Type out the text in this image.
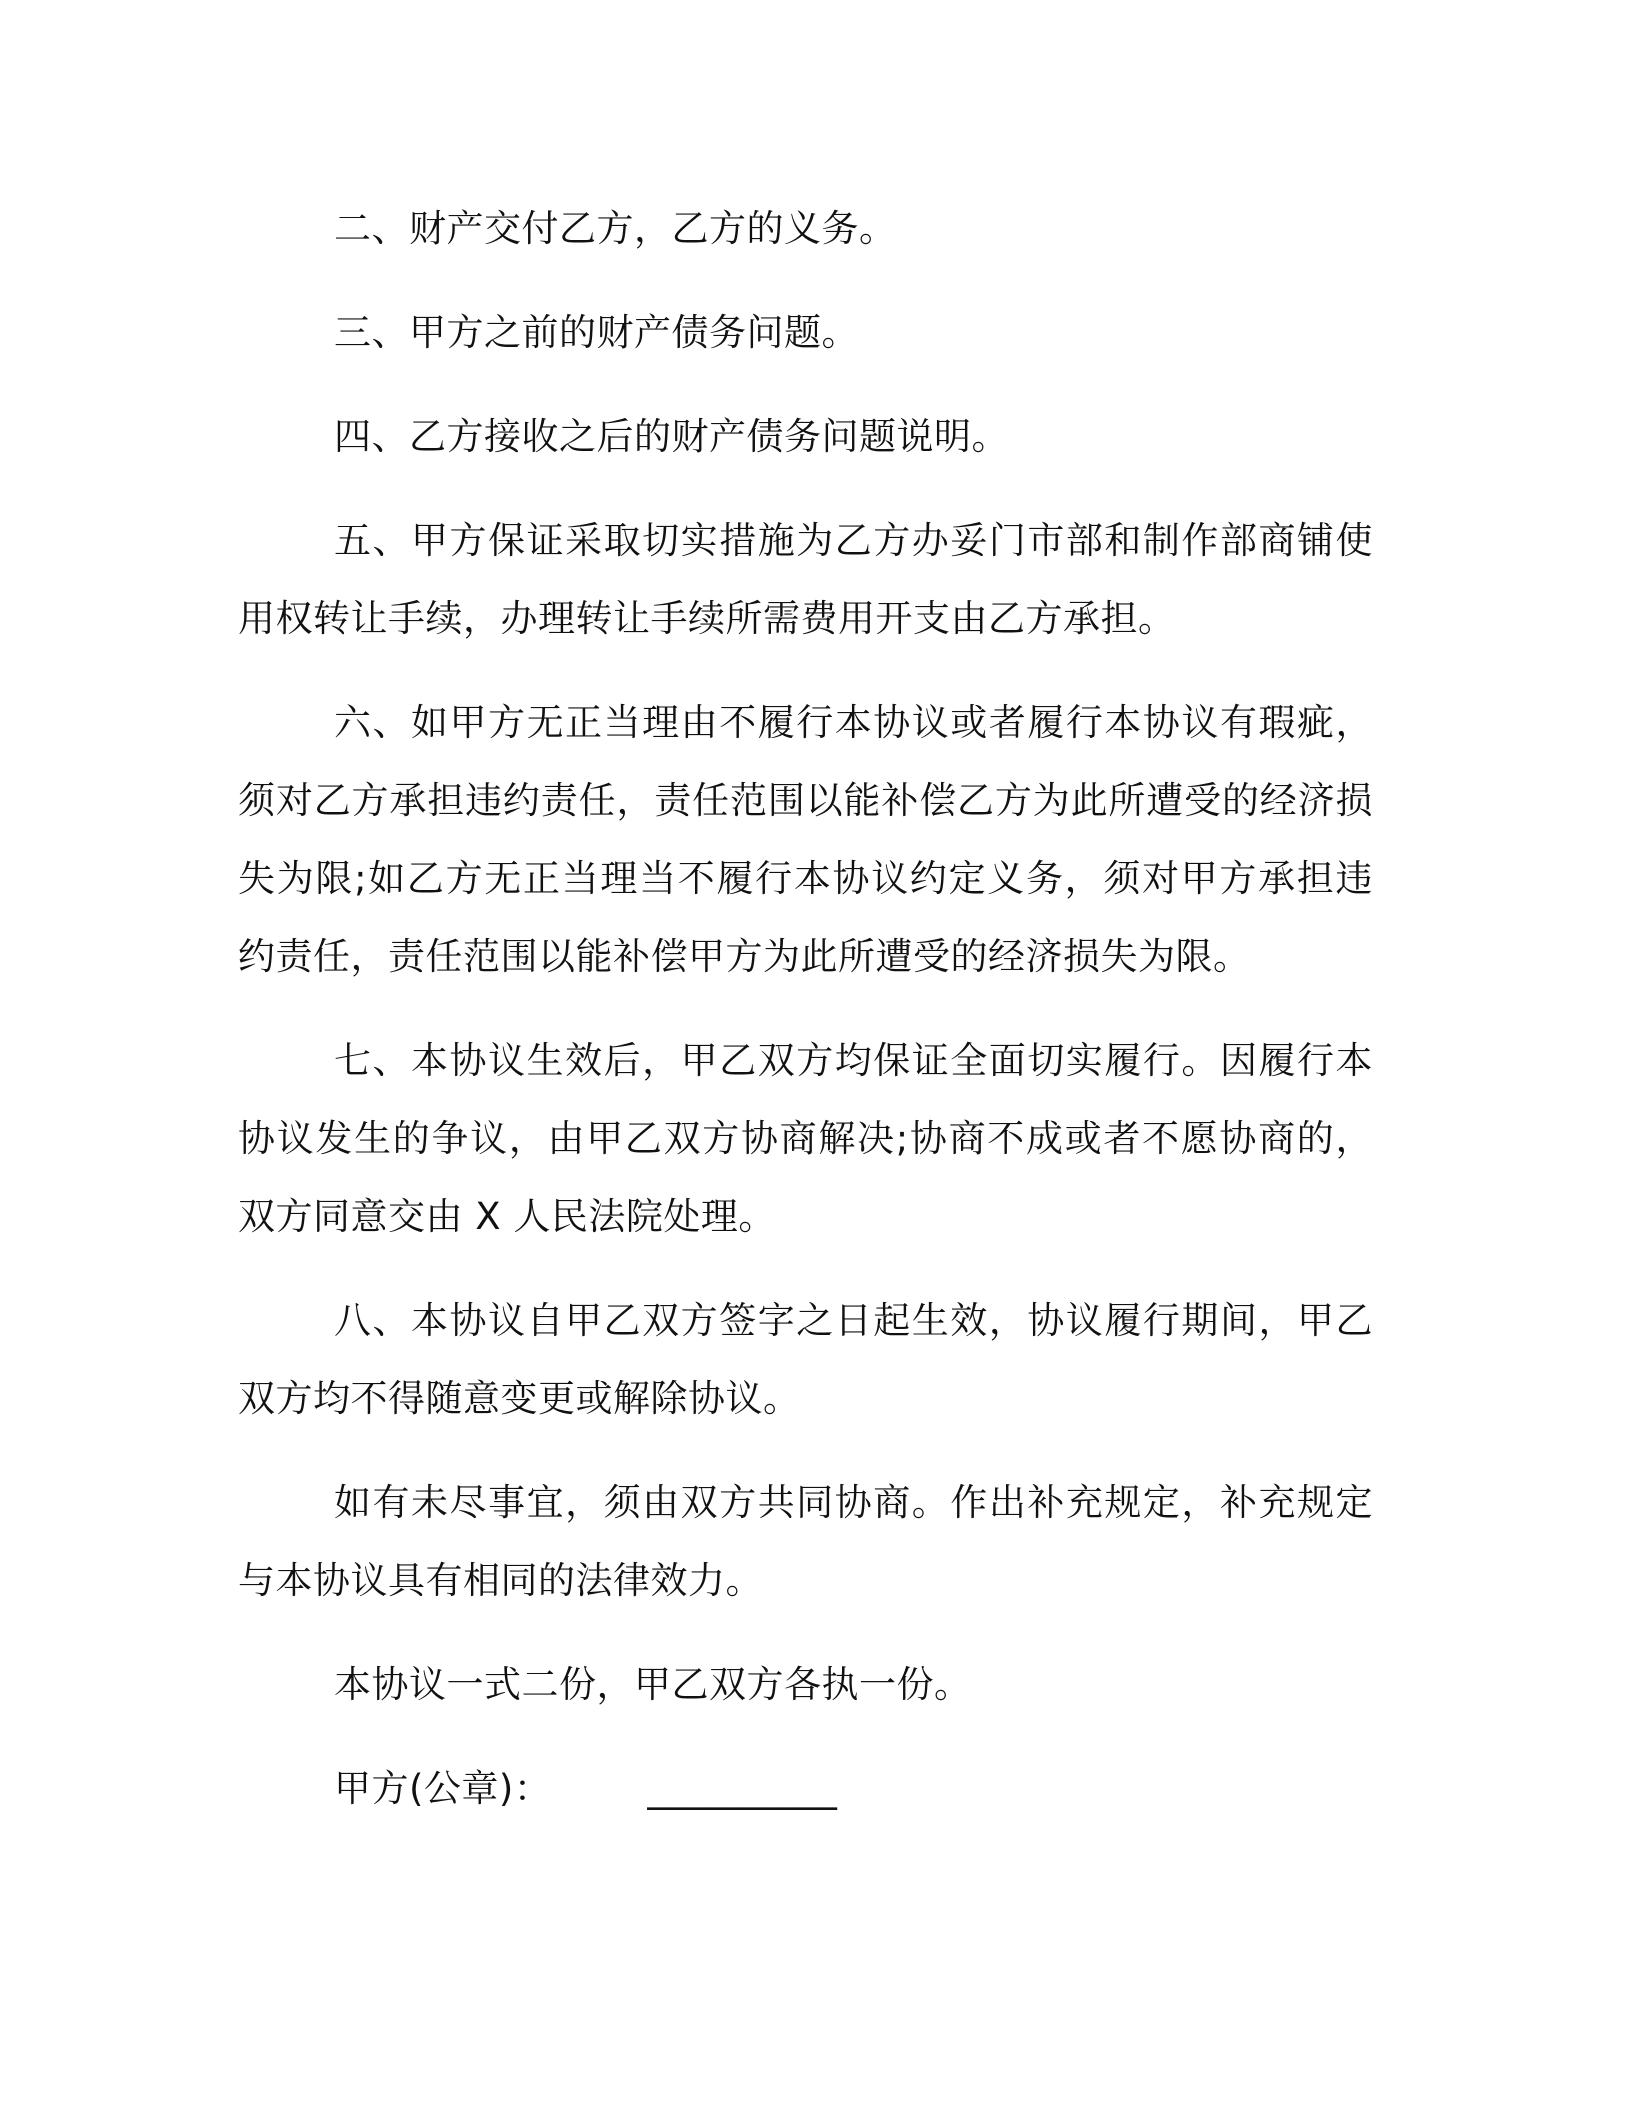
二、财产交付乙方，乙方的义务。

三、甲方之前的财产债务问题。

四、乙方接收之后的财产债务问题说明。

五、甲方保证采取切实措施为乙方办妥门市部和制作部商铺使用权转让手续，办理转让手续所需费用开支由乙方承担。

六、如甲方无正当理由不履行本协议或者履行本协议有瑕疵，须对乙方承担违约责任，责任范围以能补偿乙方为此所遭受的经济损失为限;如乙方无正当理当不履行本协议约定义务，须对甲方承担违约责任，责任范围以能补偿甲方为此所遭受的经济损失为限。

七、本协议生效后，甲乙双方均保证全面切实履行。因履行本协议发生的争议，由甲乙双方协商解决;协商不成或者不愿协商的，双方同意交由 X 人民法院处理。

八、本协议自甲乙双方签字之日起生效，协议履行期间，甲乙双方均不得随意变更或解除协议。

如有未尽事宜，须由双方共同协商。作出补充规定，补充规定与本协议具有相同的法律效力。

本协议一式二份，甲乙双方各执一份。

甲方(公章)：	__________
